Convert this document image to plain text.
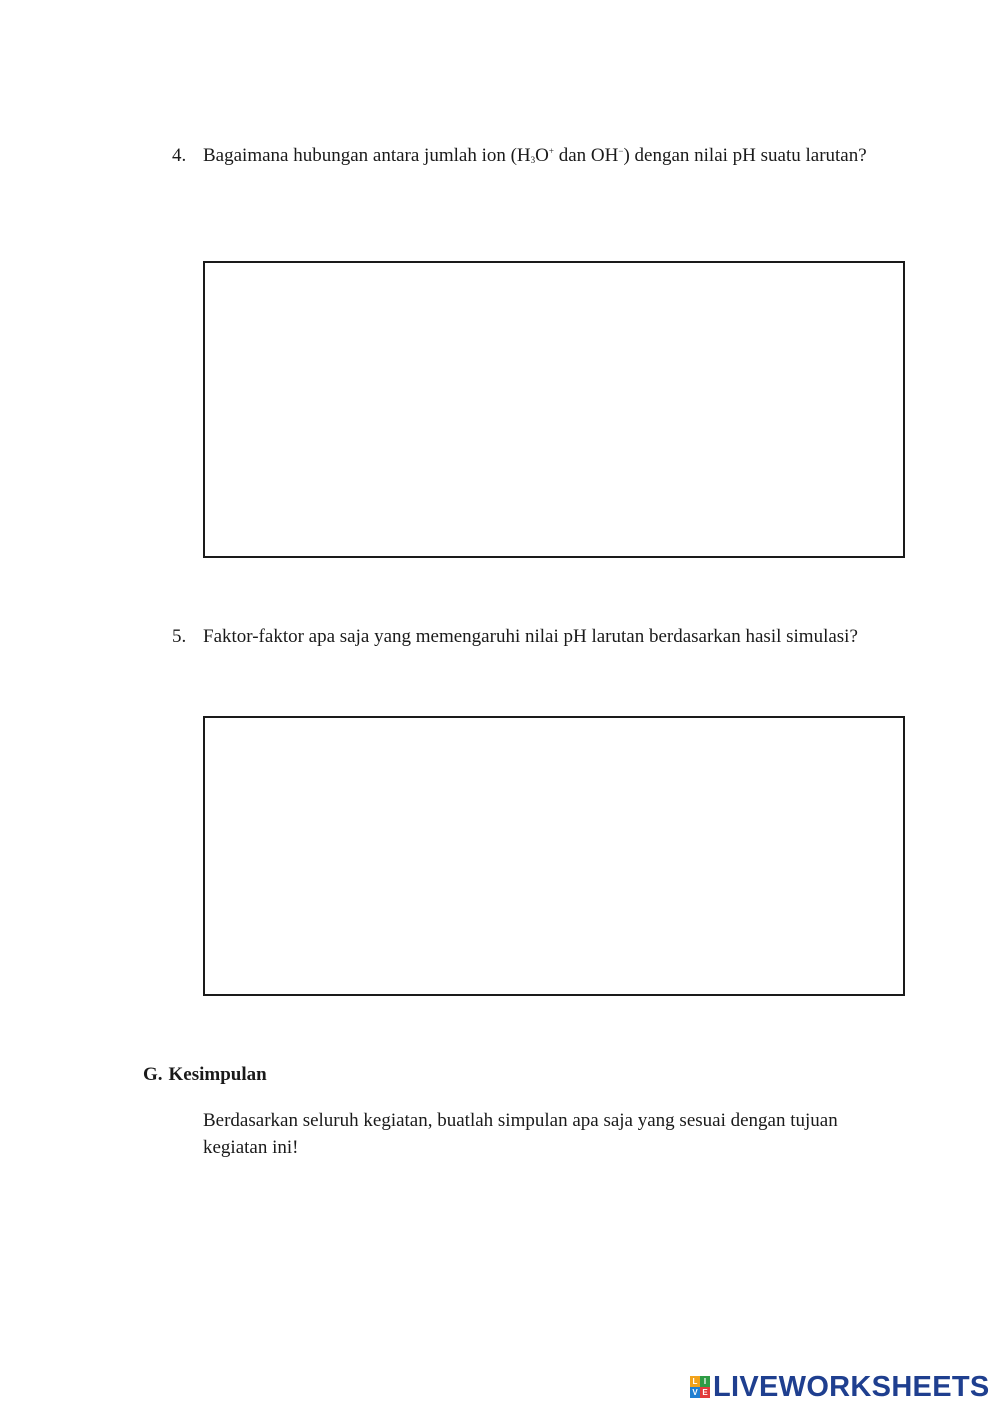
4. Bagaimana hubungan antara jumlah ion ($H_3O^+$ dan OH−) dengan nilai pH suatu larutan?
5. Faktor-faktor apa saja yang memengaruhi nilai pH larutan berdasarkan hasil simulasi?
G. Kesimpulan
Berdasarkan seluruh kegiatan, buatlah simpulan apa saja yang sesuai dengan tujuan kegiatan ini!
L I
V E LIVEWORKSHEETS
